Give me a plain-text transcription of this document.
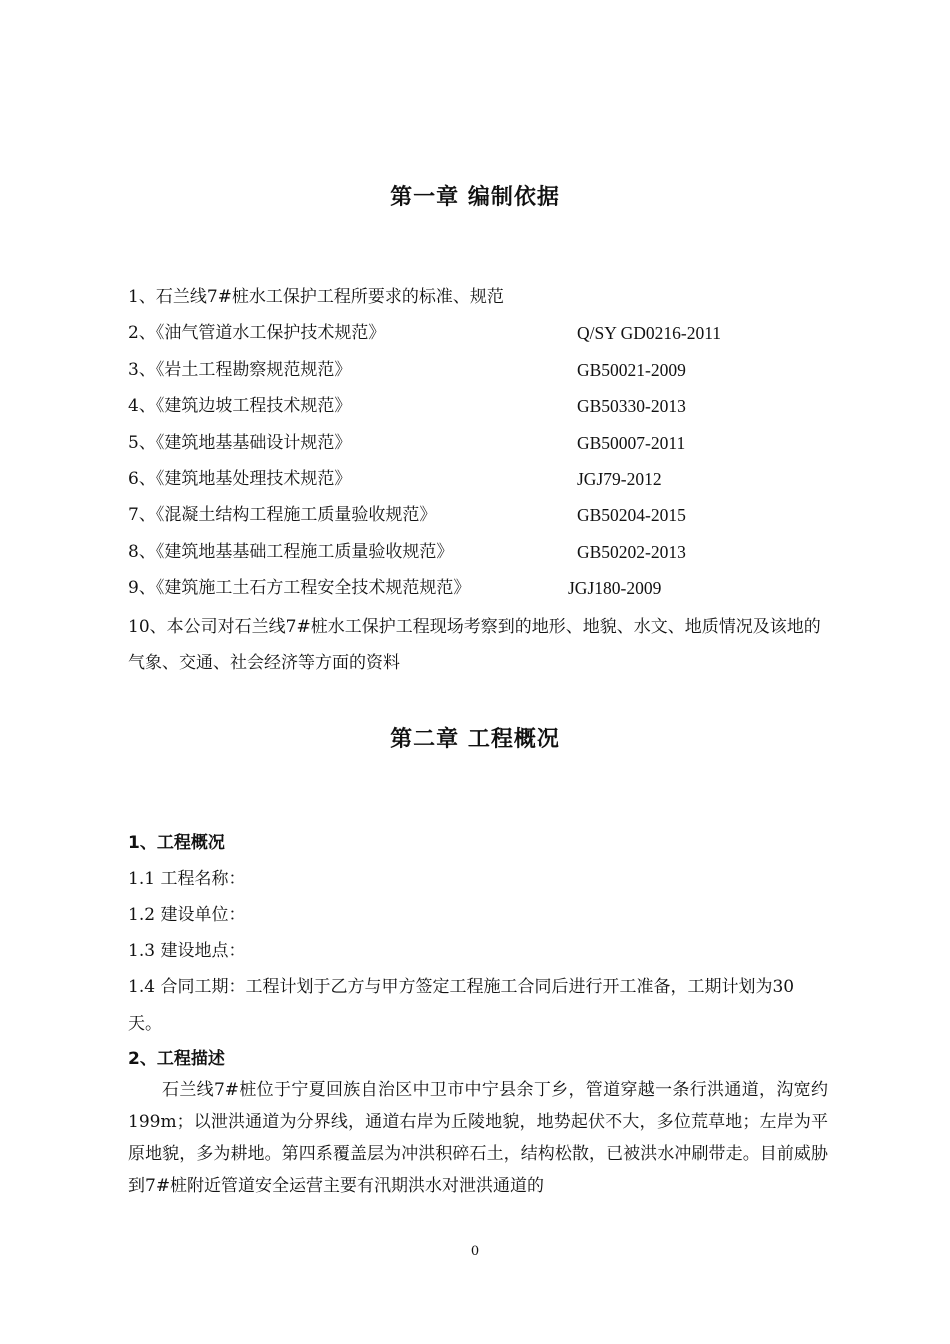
第一章 编制依据
1、石兰线7#桩水工保护工程所要求的标准、规范
2、《油气管道水工保护技术规范》	Q/SY GD0216-2011
3、《岩土工程勘察规范规范》	GB50021-2009
4、《建筑边坡工程技术规范》	GB50330-2013
5、《建筑地基基础设计规范》	GB50007-2011
6、《建筑地基处理技术规范》	JGJ79-2012
7、《混凝土结构工程施工质量验收规范》	GB50204-2015
8、《建筑地基基础工程施工质量验收规范》	GB50202-2013
9、《建筑施工土石方工程安全技术规范规范》	JGJ180-2009

10、本公司对石兰线7#桩水工保护工程现场考察到的地形、地貌、水文、地质情况及该地的气象、交通、社会经济等方面的资料

第二章 工程概况
1、工程概况

1.1 工程名称：

1.2 建设单位：

1.3 建设地点：

1.4 合同工期：工程计划于乙方与甲方签定工程施工合同后进行开工准备，工期计划为30天。

2、工程描述

石兰线7#桩位于宁夏回族自治区中卫市中宁县余丁乡，管道穿越一条行洪通道，沟宽约199m；以泄洪通道为分界线，通道右岸为丘陵地貌，地势起伏不大，多位荒草地；左岸为平原地貌，多为耕地。第四系覆盖层为冲洪积碎石土，结构松散，已被洪水冲刷带走。目前威胁到7#桩附近管道安全运营主要有汛期洪水对泄洪通道的

0
